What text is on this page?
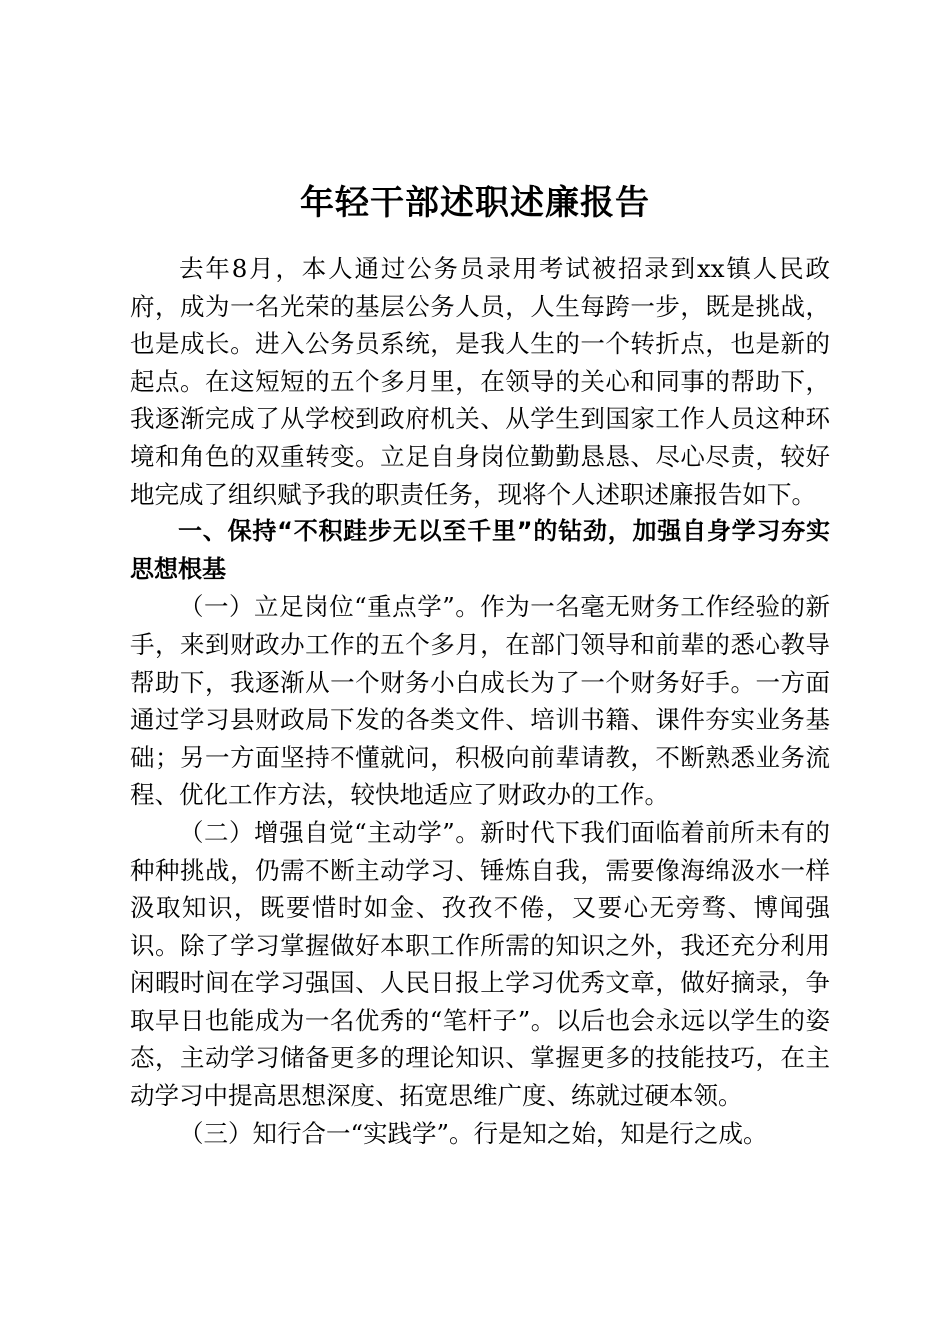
年轻干部述职述廉报告

去年8月，本人通过公务员录用考试被招录到xx镇人民政府，成为一名光荣的基层公务人员，人生每跨一步，既是挑战，也是成长。进入公务员系统，是我人生的一个转折点，也是新的起点。在这短短的五个多月里，在领导的关心和同事的帮助下，我逐渐完成了从学校到政府机关、从学生到国家工作人员这种环境和角色的双重转变。立足自身岗位勤勤恳恳、尽心尽责，较好地完成了组织赋予我的职责任务，现将个人述职述廉报告如下。

一、保持“不积跬步无以至千里”的钻劲，加强自身学习夯实思想根基

（一）立足岗位“重点学”。作为一名毫无财务工作经验的新手，来到财政办工作的五个多月，在部门领导和前辈的悉心教导帮助下，我逐渐从一个财务小白成长为了一个财务好手。一方面通过学习县财政局下发的各类文件、培训书籍、课件夯实业务基础；另一方面坚持不懂就问，积极向前辈请教，不断熟悉业务流程、优化工作方法，较快地适应了财政办的工作。

（二）增强自觉“主动学”。新时代下我们面临着前所未有的种种挑战，仍需不断主动学习、锤炼自我，需要像海绵汲水一样汲取知识，既要惜时如金、孜孜不倦，又要心无旁骛、博闻强识。除了学习掌握做好本职工作所需的知识之外，我还充分利用闲暇时间在学习强国、人民日报上学习优秀文章，做好摘录，争取早日也能成为一名优秀的“笔杆子”。以后也会永远以学生的姿态，主动学习储备更多的理论知识、掌握更多的技能技巧，在主动学习中提高思想深度、拓宽思维广度、练就过硬本领。

（三）知行合一“实践学”。行是知之始，知是行之成。
